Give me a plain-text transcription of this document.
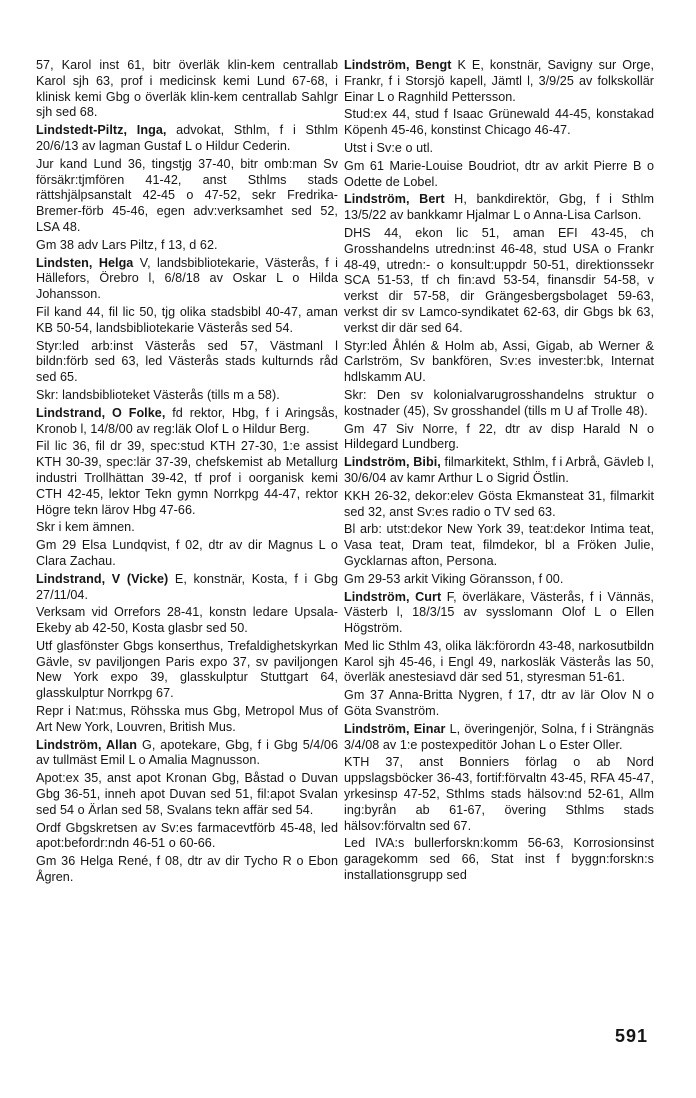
57, Karol inst 61, bitr överläk klin-kem centrallab Karol sjh 63, prof i medicinsk kemi Lund 67-68, i klinisk kemi Gbg o överläk klin-kem centrallab Sahlgr sjh sed 68.
Lindstedt-Piltz, Inga, advokat, Sthlm, f i Sthlm 20/6/13 av lagman Gustaf L o Hildur Cederin.
Jur kand Lund 36, tingstjg 37-40, bitr omb:man Sv försäkr:tjmfören 41-42, anst Sthlms stads rättshjälpsanstalt 42-45 o 47-52, sekr Fredrika-Bremer-förb 45-46, egen adv:verksamhet sed 52, LSA 48.
Gm 38 adv Lars Piltz, f 13, d 62.
Lindsten, Helga V, landsbibliotekarie, Västerås, f i Hällefors, Örebro l, 6/8/18 av Oskar L o Hilda Johansson.
Fil kand 44, fil lic 50, tjg olika stadsbibl 40-47, aman KB 50-54, landsbibliotekarie Västerås sed 54.
Styr:led arb:inst Västerås sed 57, Västmanl l bildn:förb sed 63, led Västerås stads kulturnds råd sed 65.
Skr: landsbiblioteket Västerås (tills m a 58).
Lindstrand, O Folke, fd rektor, Hbg, f i Aringsås, Kronob l, 14/8/00 av reg:läk Olof L o Hildur Berg.
Fil lic 36, fil dr 39, spec:stud KTH 27-30, 1:e assist KTH 30-39, spec:lär 37-39, chefskemist ab Metallurg industri Trollhättan 39-42, tf prof i oorganisk kemi CTH 42-45, lektor Tekn gymn Norrkpg 44-47, rektor Högre tekn lärov Hbg 47-66.
Skr i kem ämnen.
Gm 29 Elsa Lundqvist, f 02, dtr av dir Magnus L o Clara Zachau.
Lindstrand, V (Vicke) E, konstnär, Kosta, f i Gbg 27/11/04.
Verksam vid Orrefors 28-41, konstn ledare Upsala-Ekeby ab 42-50, Kosta glasbr sed 50.
Utf glasfönster Gbgs konserthus, Trefaldighetskyrkan Gävle, sv paviljongen Paris expo 37, sv paviljongen New York expo 39, glasskulptur Stuttgart 64, glasskulptur Norrkpg 67.
Repr i Nat:mus, Röhsska mus Gbg, Metropol Mus of Art New York, Louvren, British Mus.
Lindström, Allan G, apotekare, Gbg, f i Gbg 5/4/06 av tullmäst Emil L o Amalia Magnusson.
Apot:ex 35, anst apot Kronan Gbg, Båstad o Duvan Gbg 36-51, inneh apot Duvan sed 51, fil:apot Svalan sed 54 o Ärlan sed 58, Svalans tekn affär sed 54.
Ordf Gbgskretsen av Sv:es farmacevtförb 45-48, led apot:befordr:ndn 46-51 o 60-66.
Gm 36 Helga René, f 08, dtr av dir Tycho R o Ebon Ågren.
Lindström, Bengt K E, konstnär, Savigny sur Orge, Frankr, f i Storsjö kapell, Jämtl l, 3/9/25 av folkskollär Einar L o Ragnhild Pettersson.
Stud:ex 44, stud f Isaac Grünewald 44-45, konstakad Köpenh 45-46, konstinst Chicago 46-47.
Utst i Sv:e o utl.
Gm 61 Marie-Louise Boudriot, dtr av arkit Pierre B o Odette de Lobel.
Lindström, Bert H, bankdirektör, Gbg, f i Sthlm 13/5/22 av bankkamr Hjalmar L o Anna-Lisa Carlson.
DHS 44, ekon lic 51, aman EFI 43-45, ch Grosshandelns utredn:inst 46-48, stud USA o Frankr 48-49, utredn:- o konsult:uppdr 50-51, direktionssekr SCA 51-53, tf ch fin:avd 53-54, finansdir 54-58, v verkst dir 57-58, dir Grängesbergsbolaget 59-63, verkst dir sv Lamco-syndikatet 62-63, dir Gbgs bk 63, verkst dir där sed 64.
Styr:led Åhlén & Holm ab, Assi, Gigab, ab Werner & Carlström, Sv bankfören, Sv:es invester:bk, Internat hdlskamm AU.
Skr: Den sv kolonialvarugrosshandelns struktur o kostnader (45), Sv grosshandel (tills m U af Trolle 48).
Gm 47 Siv Norre, f 22, dtr av disp Harald N o Hildegard Lundberg.
Lindström, Bibi, filmarkitekt, Sthlm, f i Arbrå, Gävleb l, 30/6/04 av kamr Arthur L o Sigrid Östlin.
KKH 26-32, dekor:elev Gösta Ekmansteat 31, filmarkit sed 32, anst Sv:es radio o TV sed 63.
Bl arb: utst:dekor New York 39, teat:dekor Intima teat, Vasa teat, Dram teat, filmdekor, bl a Fröken Julie, Gycklarnas afton, Persona.
Gm 29-53 arkit Viking Göransson, f 00.
Lindström, Curt F, överläkare, Västerås, f i Vännäs, Västerb l, 18/3/15 av sysslomann Olof L o Ellen Högström.
Med lic Sthlm 43, olika läk:förordn 43-48, narkosutbildn Karol sjh 45-46, i Engl 49, narkosläk Västerås las 50, överläk anestesiavd där sed 51, styresman 51-61.
Gm 37 Anna-Britta Nygren, f 17, dtr av lär Olov N o Göta Svanström.
Lindström, Einar L, överingenjör, Solna, f i Strängnäs 3/4/08 av 1:e postexpeditör Johan L o Ester Oller.
KTH 37, anst Bonniers förlag o ab Nord uppslagsböcker 36-43, fortif:förvaltn 43-45, RFA 45-47, yrkesinsp 47-52, Sthlms stads hälsov:nd 52-61, Allm ing:byrån ab 61-67, övering Sthlms stads hälsov:förvaltn sed 67.
Led IVA:s bullerforskn:komm 56-63, Korrosionsinst garagekomm sed 66, Stat inst f byggn:forskn:s installationsgrupp sed
591
